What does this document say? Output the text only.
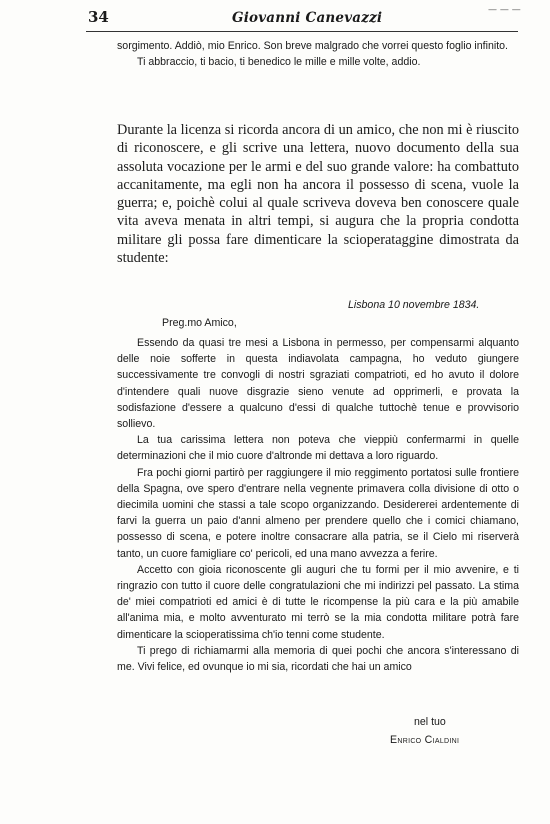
34	Giovanni Canevazzi	— — —

sorgimento. Addiò, mio Enrico. Son breve malgrado che vorrei questo foglio infinito.

Ti abbraccio, ti bacio, ti benedico le mille e mille volte, addio.

Durante la licenza si ricorda ancora di un amico, che non mi è riuscito di riconoscere, e gli scrive una lettera, nuovo documento della sua assoluta vocazione per le armi e del suo grande valore: ha combattuto accanitamente, ma egli non ha ancora il possesso di scena, vuole la guerra; e, poichè colui al quale scriveva doveva ben conoscere quale vita aveva menata in altri tempi, si augura che la propria condotta militare gli possa fare dimenticare la scioperataggine dimostrata da studente:

Lisbona 10 novembre 1834.
Preg.mo Amico,

Essendo da quasi tre mesi a Lisbona in permesso, per compensarmi alquanto delle noie sofferte in questa indiavolata campagna, ho veduto giungere successivamente tre convogli di nostri sgraziati compatrioti, ed ho avuto il dolore d'intendere quali nuove disgrazie sieno venute ad opprimerli, e provata la sodisfazione d'essere a qualcuno d'essi di qualche tuttochè tenue e provvisorio sollievo.

La tua carissima lettera non poteva che vieppiù confermarmi in quelle determinazioni che il mio cuore d'altronde mi dettava a loro riguardo.

Fra pochi giorni partirò per raggiungere il mio reggimento portatosi sulle frontiere della Spagna, ove spero d'entrare nella vegnente primavera colla divisione di otto o diecimila uomini che stassi a tale scopo organizzando. Desidererei ardentemente di farvi la guerra un paio d'anni almeno per prendere quello che i comici chiamano, possesso di scena, e potere inoltre consacrare alla patria, se il Cielo mi riserverà tanto, un cuore famigliare co' pericoli, ed una mano avvezza a ferire.

Accetto con gioia riconoscente gli auguri che tu formi per il mio avvenire, e ti ringrazio con tutto il cuore delle congratulazioni che mi indirizzi pel passato. La stima de' miei compatrioti ed amici è di tutte le ricompense la più cara e la più amabile all'anima mia, e molto avventurato mi terrò se la mia condotta militare potrà fare dimenticare la scioperatissima ch'io tenni come studente.

Ti prego di richiamarmi alla memoria di quei pochi che ancora s'interessano di me. Vivi felice, ed ovunque io mi sia, ricordati che hai un amico

nel tuo
Enrico Cialdini
